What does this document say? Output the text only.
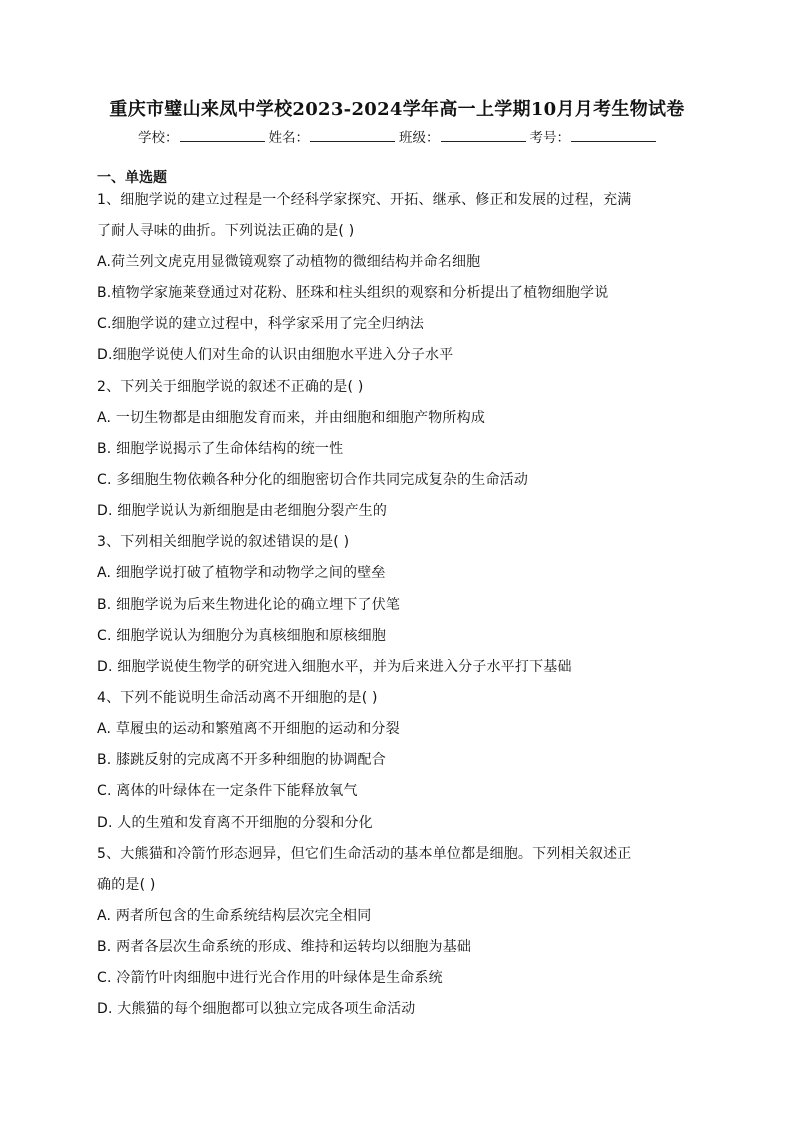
重庆市璧山来凤中学校2023-2024学年高一上学期10月月考生物试卷
学校：	姓名：	班级：	考号：
一、单选题
1、细胞学说的建立过程是一个经科学家探究、开拓、继承、修正和发展的过程，充满
了耐人寻味的曲折。下列说法正确的是( )
A.荷兰列文虎克用显微镜观察了动植物的微细结构并命名细胞
B.植物学家施莱登通过对花粉、胚珠和柱头组织的观察和分析提出了植物细胞学说
C.细胞学说的建立过程中，科学家采用了完全归纳法
D.细胞学说使人们对生命的认识由细胞水平进入分子水平
2、下列关于细胞学说的叙述不正确的是( )
A. 一切生物都是由细胞发育而来，并由细胞和细胞产物所构成
B. 细胞学说揭示了生命体结构的统一性
C. 多细胞生物依赖各种分化的细胞密切合作共同完成复杂的生命活动
D. 细胞学说认为新细胞是由老细胞分裂产生的
3、下列相关细胞学说的叙述错误的是( )
A. 细胞学说打破了植物学和动物学之间的壁垒
B. 细胞学说为后来生物进化论的确立埋下了伏笔
C. 细胞学说认为细胞分为真核细胞和原核细胞
D. 细胞学说使生物学的研究进入细胞水平，并为后来进入分子水平打下基础
4、下列不能说明生命活动离不开细胞的是( )
A. 草履虫的运动和繁殖离不开细胞的运动和分裂
B. 膝跳反射的完成离不开多种细胞的协调配合
C. 离体的叶绿体在一定条件下能释放氧气
D. 人的生殖和发育离不开细胞的分裂和分化
5、大熊猫和冷箭竹形态迥异，但它们生命活动的基本单位都是细胞。下列相关叙述正
确的是( )
A. 两者所包含的生命系统结构层次完全相同
B. 两者各层次生命系统的形成、维持和运转均以细胞为基础
C. 冷箭竹叶肉细胞中进行光合作用的叶绿体是生命系统
D. 大熊猫的每个细胞都可以独立完成各项生命活动
